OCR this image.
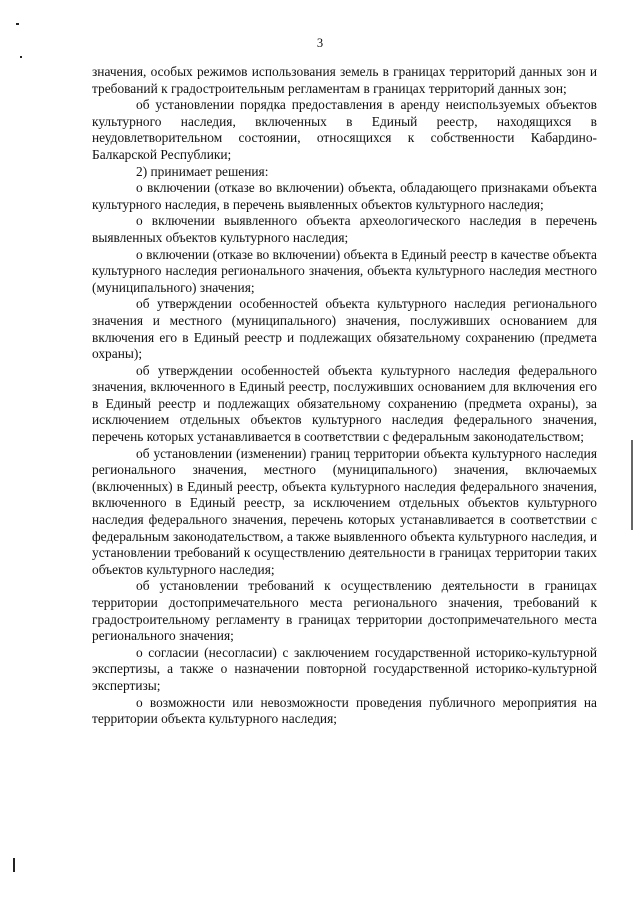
3

значения, особых режимов использования земель в границах территорий данных зон и требований к градостроительным регламентам в границах территорий данных зон;

об установлении порядка предоставления в аренду неиспользуемых объектов культурного наследия, включенных в Единый реестр, находящихся в неудовлетворительном состоянии, относящихся к собственности Кабардино-Балкарской Республики;

2) принимает решения:

о включении (отказе во включении) объекта, обладающего признаками объекта культурного наследия, в перечень выявленных объектов культурного наследия;

о включении выявленного объекта археологического наследия в перечень выявленных объектов культурного наследия;

о включении (отказе во включении) объекта в Единый реестр в качестве объекта культурного наследия регионального значения, объекта культурного наследия местного (муниципального) значения;

об утверждении особенностей объекта культурного наследия регионального значения и местного (муниципального) значения, послуживших основанием для включения его в Единый реестр и подлежащих обязательному сохранению (предмета охраны);

об утверждении особенностей объекта культурного наследия федерального значения, включенного в Единый реестр, послуживших основанием для включения его в Единый реестр и подлежащих обязательному сохранению (предмета охраны), за исключением отдельных объектов культурного наследия федерального значения, перечень которых устанавливается в соответствии с федеральным законодательством;

об установлении (изменении) границ территории объекта культурного наследия регионального значения, местного (муниципального) значения, включаемых (включенных) в Единый реестр, объекта культурного наследия федерального значения, включенного в Единый реестр, за исключением отдельных объектов культурного наследия федерального значения, перечень которых устанавливается в соответствии с федеральным законодательством, а также выявленного объекта культурного наследия, и установлении требований к осуществлению деятельности в границах территории таких объектов культурного наследия;

об установлении требований к осуществлению деятельности в границах территории достопримечательного места регионального значения, требований к градостроительному регламенту в границах территории достопримечательного места регионального значения;

о согласии (несогласии) с заключением государственной историко-культурной экспертизы, а также о назначении повторной государственной историко-культурной экспертизы;

о возможности или невозможности проведения публичного мероприятия на территории объекта культурного наследия;
